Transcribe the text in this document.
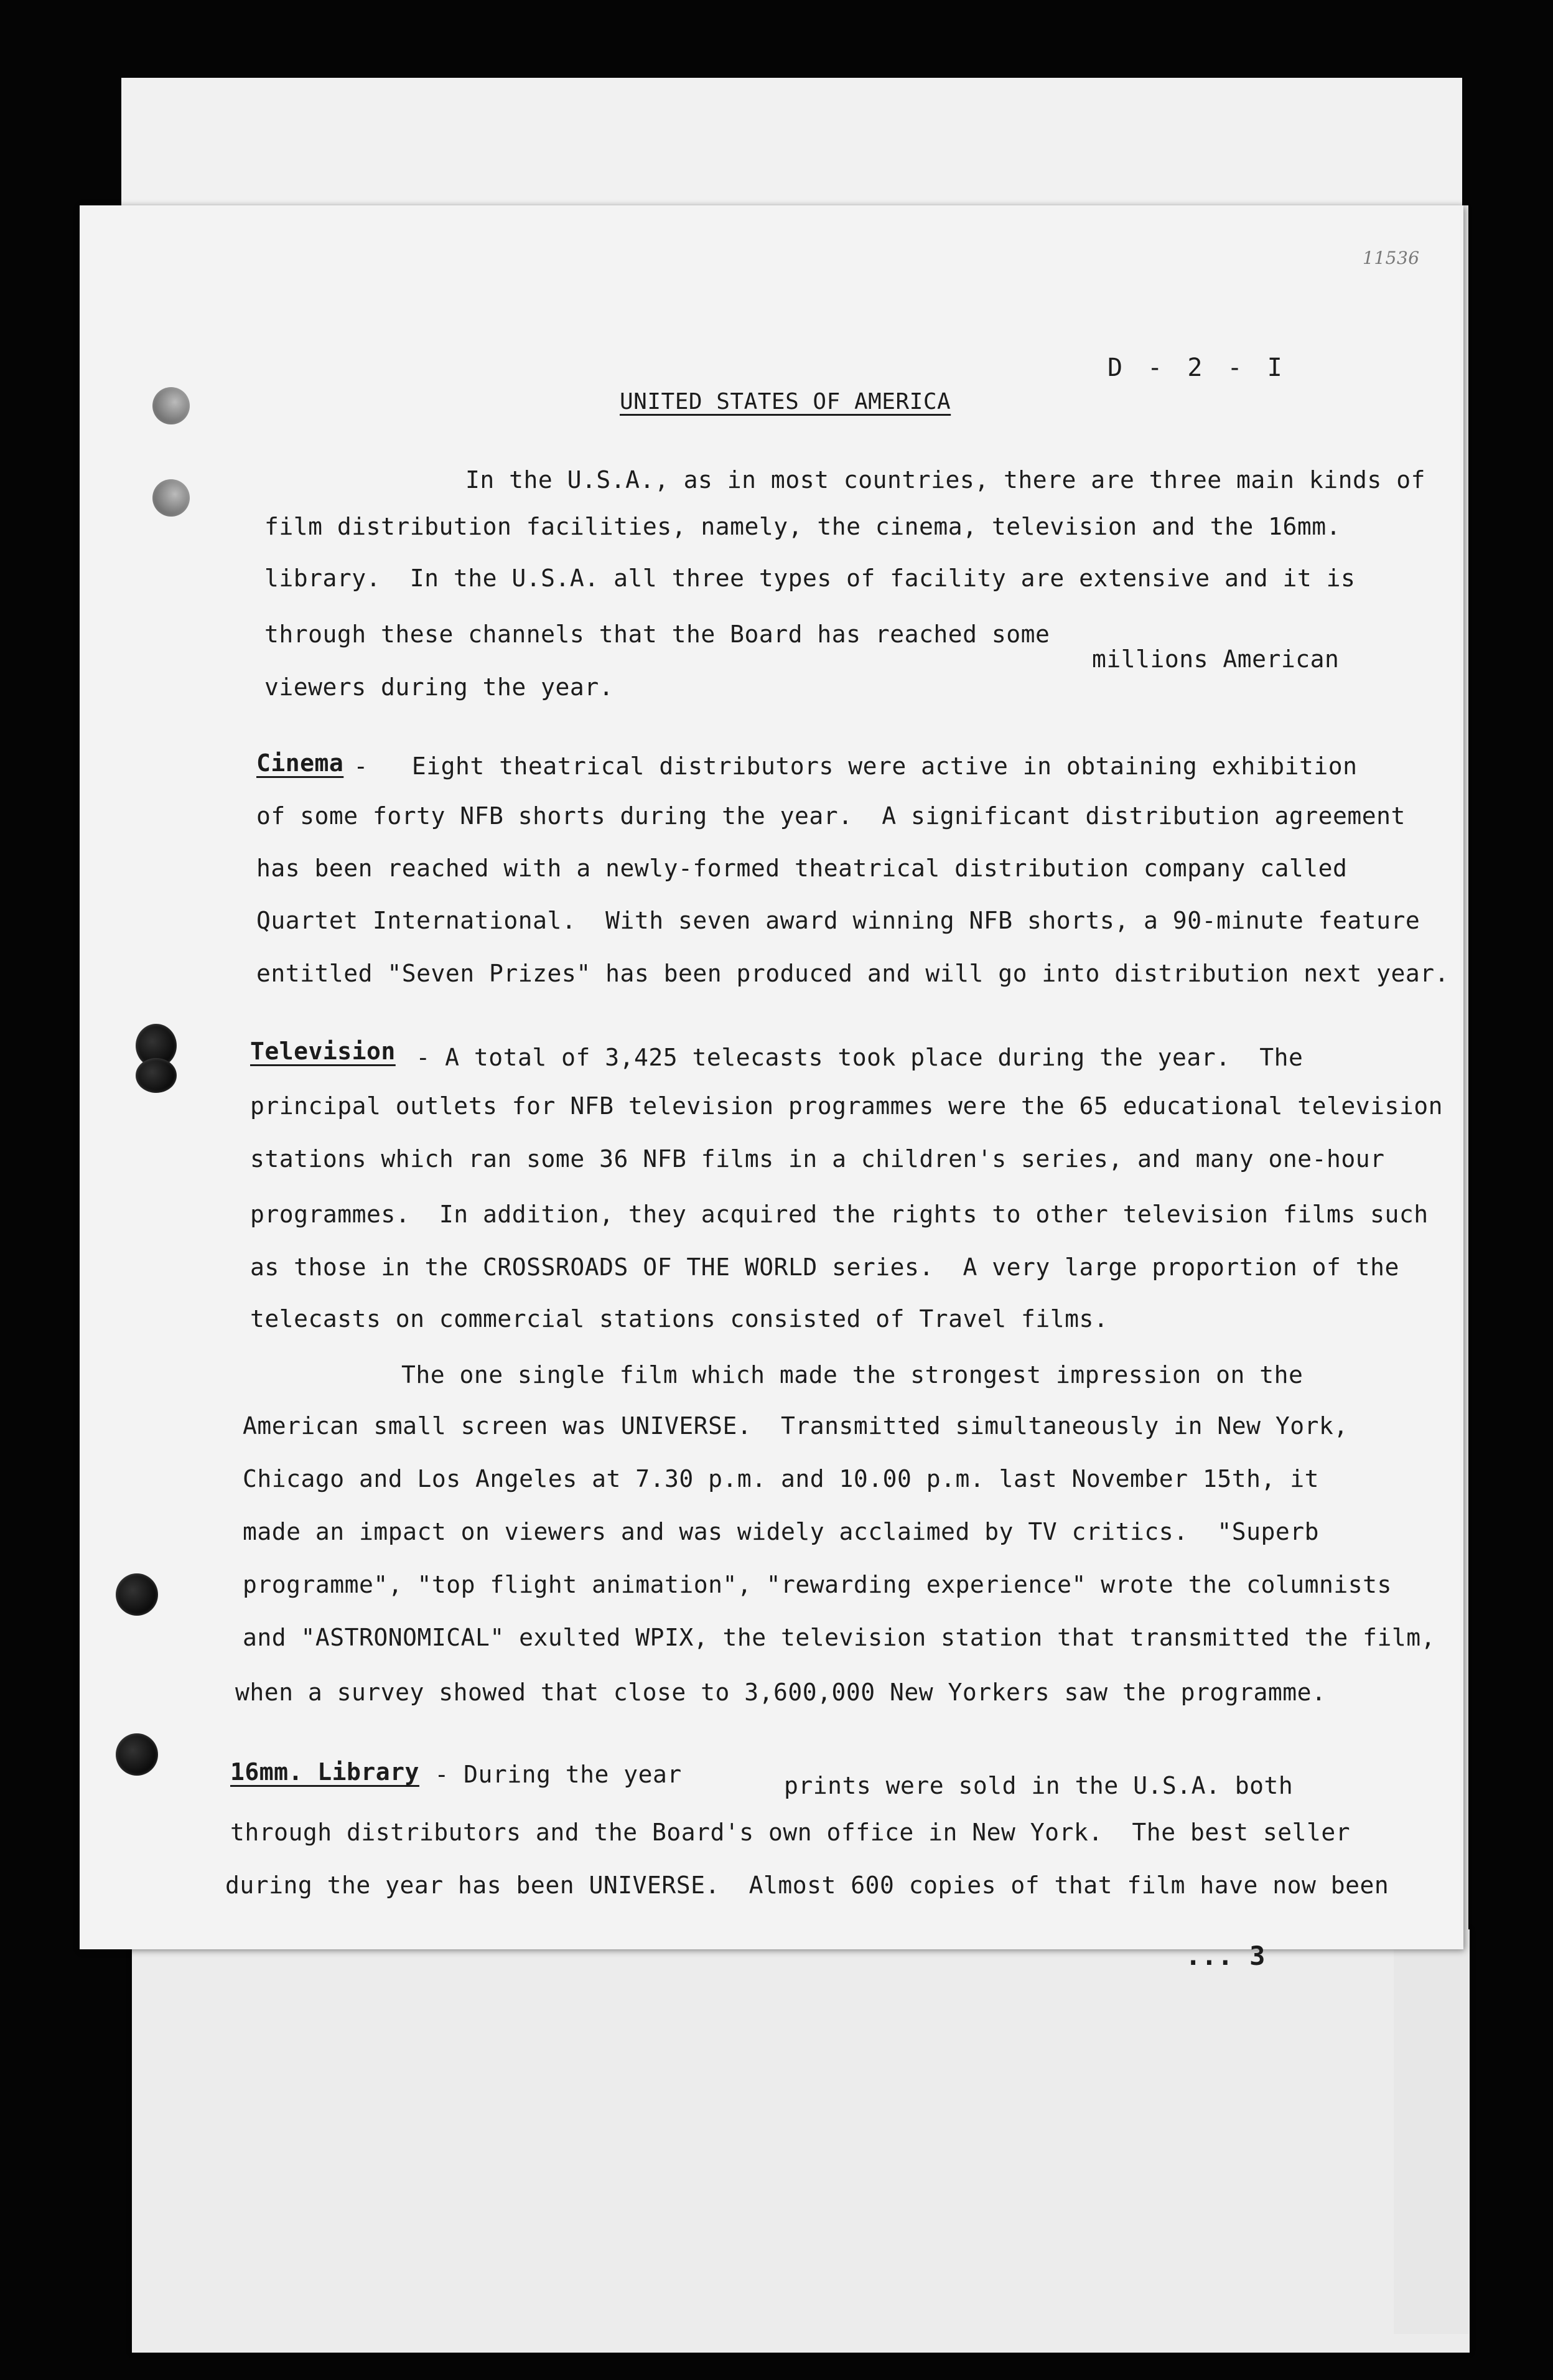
11536
D - 2 - I
UNITED STATES OF AMERICA
In the U.S.A., as in most countries, there are three main kinds of
film distribution facilities, namely, the cinema, television and the 16mm.
library.  In the U.S.A. all three types of facility are extensive and it is
through these channels that the Board has reached some
millions American
viewers during the year.
Cinema
-   Eight theatrical distributors were active in obtaining exhibition
of some forty NFB shorts during the year.  A significant distribution agreement
has been reached with a newly-formed theatrical distribution company called
Quartet International.  With seven award winning NFB shorts, a 90-minute feature
entitled "Seven Prizes" has been produced and will go into distribution next year.
Television - A total of 3,425 telecasts took place during the year.  The
principal outlets for NFB television programmes were the 65 educational television
stations which ran some 36 NFB films in a children's series, and many one-hour
programmes.  In addition, they acquired the rights to other television films such
as those in the CROSSROADS OF THE WORLD series.  A very large proportion of the
telecasts on commercial stations consisted of Travel films.
The one single film which made the strongest impression on the
American small screen was UNIVERSE.  Transmitted simultaneously in New York,
Chicago and Los Angeles at 7.30 p.m. and 10.00 p.m. last November 15th, it
made an impact on viewers and was widely acclaimed by TV critics.  "Superb
programme", "top flight animation", "rewarding experience" wrote the columnists
and "ASTRONOMICAL" exulted WPIX, the television station that transmitted the film,
when a survey showed that close to 3,600,000 New Yorkers saw the programme.
16mm. Library - During the year	prints were sold in the U.S.A. both
through distributors and the Board's own office in New York.  The best seller
during the year has been UNIVERSE.  Almost 600 copies of that film have now been
... 3
